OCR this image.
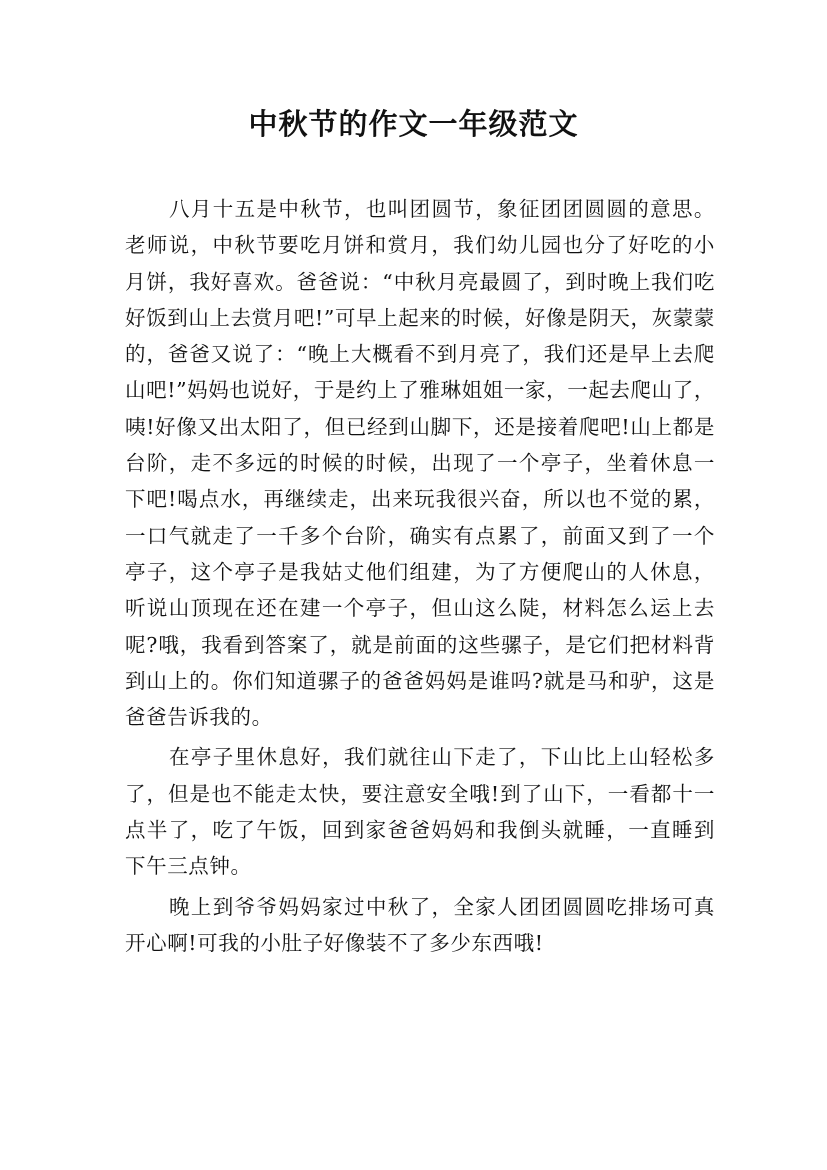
中秋节的作文一年级范文

八月十五是中秋节，也叫团圆节，象征团团圆圆的意思。老师说，中秋节要吃月饼和赏月，我们幼儿园也分了好吃的小月饼，我好喜欢。爸爸说：“中秋月亮最圆了，到时晚上我们吃好饭到山上去赏月吧!”可早上起来的时候，好像是阴天，灰蒙蒙的，爸爸又说了：“晚上大概看不到月亮了，我们还是早上去爬山吧!”妈妈也说好，于是约上了雅琳姐姐一家，一起去爬山了，咦!好像又出太阳了，但已经到山脚下，还是接着爬吧!山上都是台阶，走不多远的时候的时候，出现了一个亭子，坐着休息一下吧!喝点水，再继续走，出来玩我很兴奋，所以也不觉的累，一口气就走了一千多个台阶，确实有点累了，前面又到了一个亭子，这个亭子是我姑丈他们组建，为了方便爬山的人休息，听说山顶现在还在建一个亭子，但山这么陡，材料怎么运上去呢?哦，我看到答案了，就是前面的这些骡子，是它们把材料背到山上的。你们知道骡子的爸爸妈妈是谁吗?就是马和驴，这是爸爸告诉我的。

在亭子里休息好，我们就往山下走了，下山比上山轻松多了，但是也不能走太快，要注意安全哦!到了山下，一看都十一点半了，吃了午饭，回到家爸爸妈妈和我倒头就睡，一直睡到下午三点钟。

晚上到爷爷妈妈家过中秋了，全家人团团圆圆吃排场可真开心啊!可我的小肚子好像装不了多少东西哦!
